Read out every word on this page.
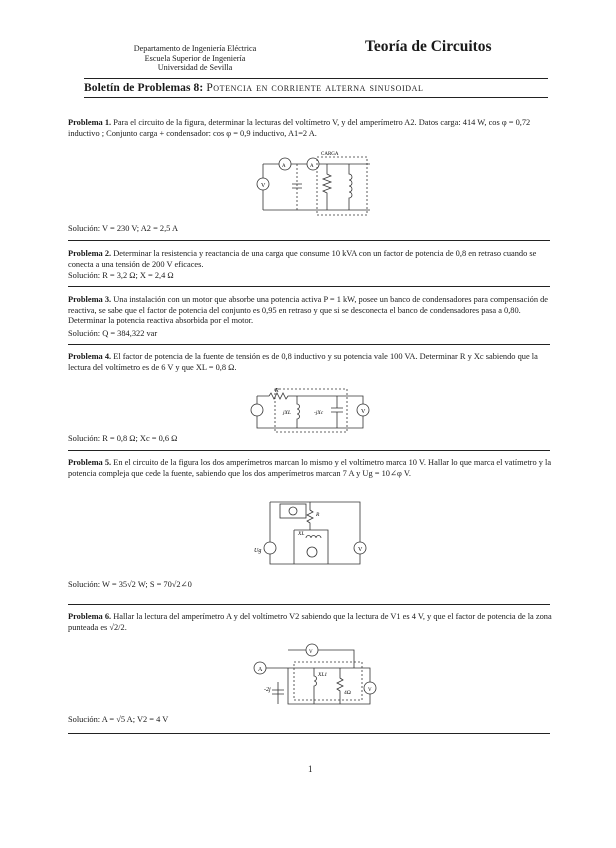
Departamento de Ingeniería Eléctrica
Escuela Superior de Ingeniería
Universidad de Sevilla
Teoría de Circuitos
Boletín de Problemas 8: Potencia en corriente alterna sinusoidal
Problema 1. Para el circuito de la figura, determinar la lecturas del voltímetro V, y del amperímetro A2. Datos carga: 414 W, cos φ = 0,72 inductivo ; Conjunto carga + condensador: cos φ = 0,9 inductivo, A1=2 A.
CARGA
V
A	A
Solución: V = 230 V; A2 = 2,5 A
Problema 2. Determinar la resistencia y reactancia de una carga que consume 10 kVA con un factor de potencia de 0,8 en retraso cuando se conecta a una tensión de 200 V eficaces.
Solución: R = 3,2 Ω; X = 2,4 Ω
Problema 3. Una instalación con un motor que absorbe una potencia activa P = 1 kW, posee un banco de condensadores para compensación de reactiva, se sabe que el factor de potencia del conjunto es 0,95 en retraso y que si se desconecta el banco de condensadores pasa a 0,80. Determinar la potencia reactiva absorbida por el motor.
Solución: Q = 384,322 var
Problema 4. El factor de potencia de la fuente de tensión es de 0,8 inductivo y su potencia vale 100 VA. Determinar R y Xc sabiendo que la lectura del voltímetro es de 6 V y que XL = 0,8 Ω.
R
jXL	-jXc	V
Solución: R = 0,8 Ω; Xc = 0,6 Ω
Problema 5. En el circuito de la figura los dos amperímetros marcan lo mismo y el voltímetro marca 10 V. Hallar lo que marca el vatímetro y la potencia compleja que cede la fuente, sabiendo que los dos amperímetros marcan 7 A y Ug = 10∠φ V.
Ug
XL
R
V
Solución: W = 35√2 W; S = 70√2∠0
Problema 6. Hallar la lectura del amperímetro A y del voltímetro V2 sabiendo que la lectura de V1 es 4 V, y que el factor de potencia de la zona punteada es √2/2.
A
V
V
-2j
XL1
4Ω
Solución: A = √5 A; V2 = 4 V
1
